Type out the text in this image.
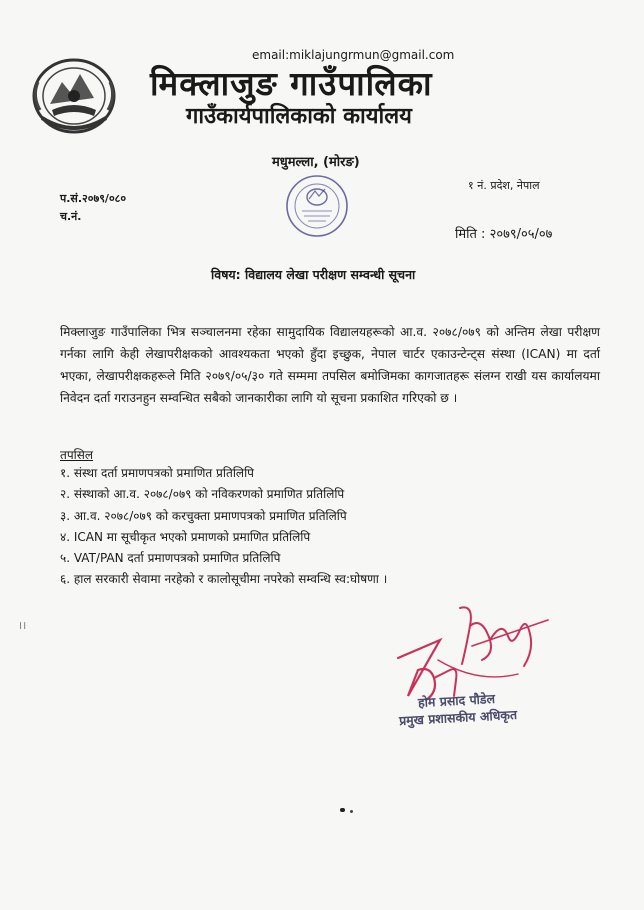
email:miklajungrmun@gmail.com
मिक्लाजुङ गाउँपालिका
गाउँकार्यपालिकाको कार्यालय
मधुमल्ला, (मोरङ)
१ नं. प्रदेश, नेपाल
प.सं.२०७९/०८०
च.नं.
मिति : २०७९/०५/०७
विषय: विद्यालय लेखा परीक्षण सम्वन्धी सूचना
मिक्लाजुङ गाउँपालिका भित्र सञ्चालनमा रहेका सामुदायिक विद्यालयहरूको आ.व. २०७८/०७९ को अन्तिम लेखा परीक्षण गर्नका लागि केही लेखापरीक्षकको आवश्यकता भएको हुँदा इच्छुक, नेपाल चार्टर एकाउन्टेन्ट्स संस्था (ICAN) मा दर्ता भएका, लेखापरीक्षकहरूले मिति २०७९/०५/३० गते सम्ममा तपसिल बमोजिमका कागजातहरू संलग्न राखी यस कार्यालयमा निवेदन दर्ता गराउनहुन सम्वन्धित सबैको जानकारीका लागि यो सूचना प्रकाशित गरिएको छ ।
तपसिल
१. संस्था दर्ता प्रमाणपत्रको प्रमाणित प्रतिलिपि
२. संस्थाको आ.व. २०७८/०७९ को नविकरणको प्रमाणित प्रतिलिपि
३. आ.व. २०७८/०७९ को करचुक्ता प्रमाणपत्रको प्रमाणित प्रतिलिपि
४. ICAN मा सूचीकृत भएको प्रमाणको प्रमाणित प्रतिलिपि
५. VAT/PAN दर्ता प्रमाणपत्रको प्रमाणित प्रतिलिपि
६. हाल सरकारी सेवामा नरहेको र कालोसूचीमा नपरेको सम्वन्धि स्व:घोषणा ।
।।
होम प्रसाद पौडेल
प्रमुख प्रशासकीय अधिकृत
